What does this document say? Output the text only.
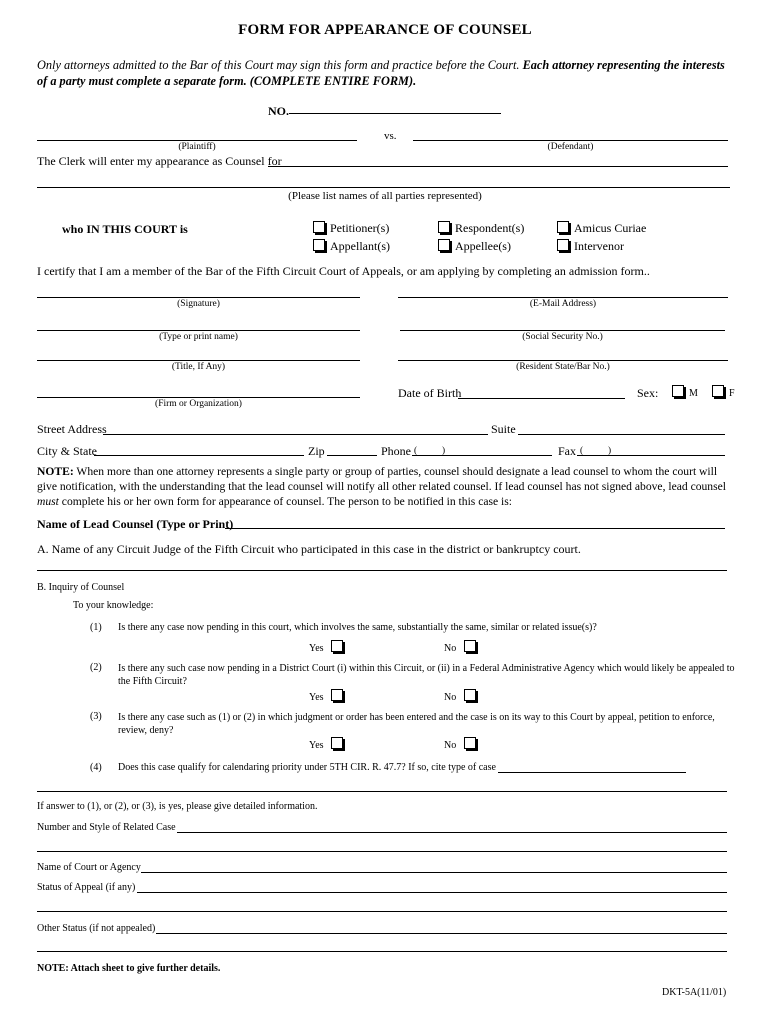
FORM FOR APPEARANCE OF COUNSEL
Only attorneys admitted to the Bar of this Court may sign this form and practice before the Court. Each attorney representing the interests of a party must complete a separate form. (COMPLETE ENTIRE FORM).
NO.
vs.
(Plaintiff)	(Defendant)
The Clerk will enter my appearance as Counsel for
(Please list names of all parties represented)
who IN THIS COURT is	Petitioner(s)	Respondent(s)	Amicus Curiae
Appellant(s)	Appellee(s)	Intervenor
I certify that I am a member of the Bar of the Fifth Circuit Court of Appeals, or am applying by completing an admission form..
(Signature)	(E-Mail Address)
(Type or print name)	(Social Security No.)
(Title, If Any)	(Resident State/Bar No.)
(Firm or Organization)
Date of Birth	Sex:	M	F
Street Address	Suite
City & State	Zip	Phone (	)	Fax (	)
NOTE: When more than one attorney represents a single party or group of parties, counsel should designate a lead counsel to whom the court will give notification, with the understanding that the lead counsel will notify all other related counsel. If lead counsel has not signed above, lead counsel must complete his or her own form for appearance of counsel. The person to be notified in this case is:
Name of Lead Counsel (Type or Print)
A. Name of any Circuit Judge of the Fifth Circuit who participated in this case in the district or bankruptcy court.
B. Inquiry of Counsel
To your knowledge:
(1) Is there any case now pending in this court, which involves the same, substantially the same, similar or related issue(s)?
Yes	No
(2) Is there any such case now pending in a District Court (i) within this Circuit, or (ii) in a Federal Administrative Agency which would likely be appealed to the Fifth Circuit?
Yes	No
(3) Is there any case such as (1) or (2) in which judgment or order has been entered and the case is on its way to this Court by appeal, petition to enforce, review, deny?
Yes	No
(4) Does this case qualify for calendaring priority under 5TH CIR. R. 47.7? If so, cite type of case
If answer to (1), or (2), or (3), is yes, please give detailed information.
Number and Style of Related Case
Name of Court or Agency
Status of Appeal (if any)
Other Status (if not appealed)
NOTE: Attach sheet to give further details.
DKT-5A(11/01)
